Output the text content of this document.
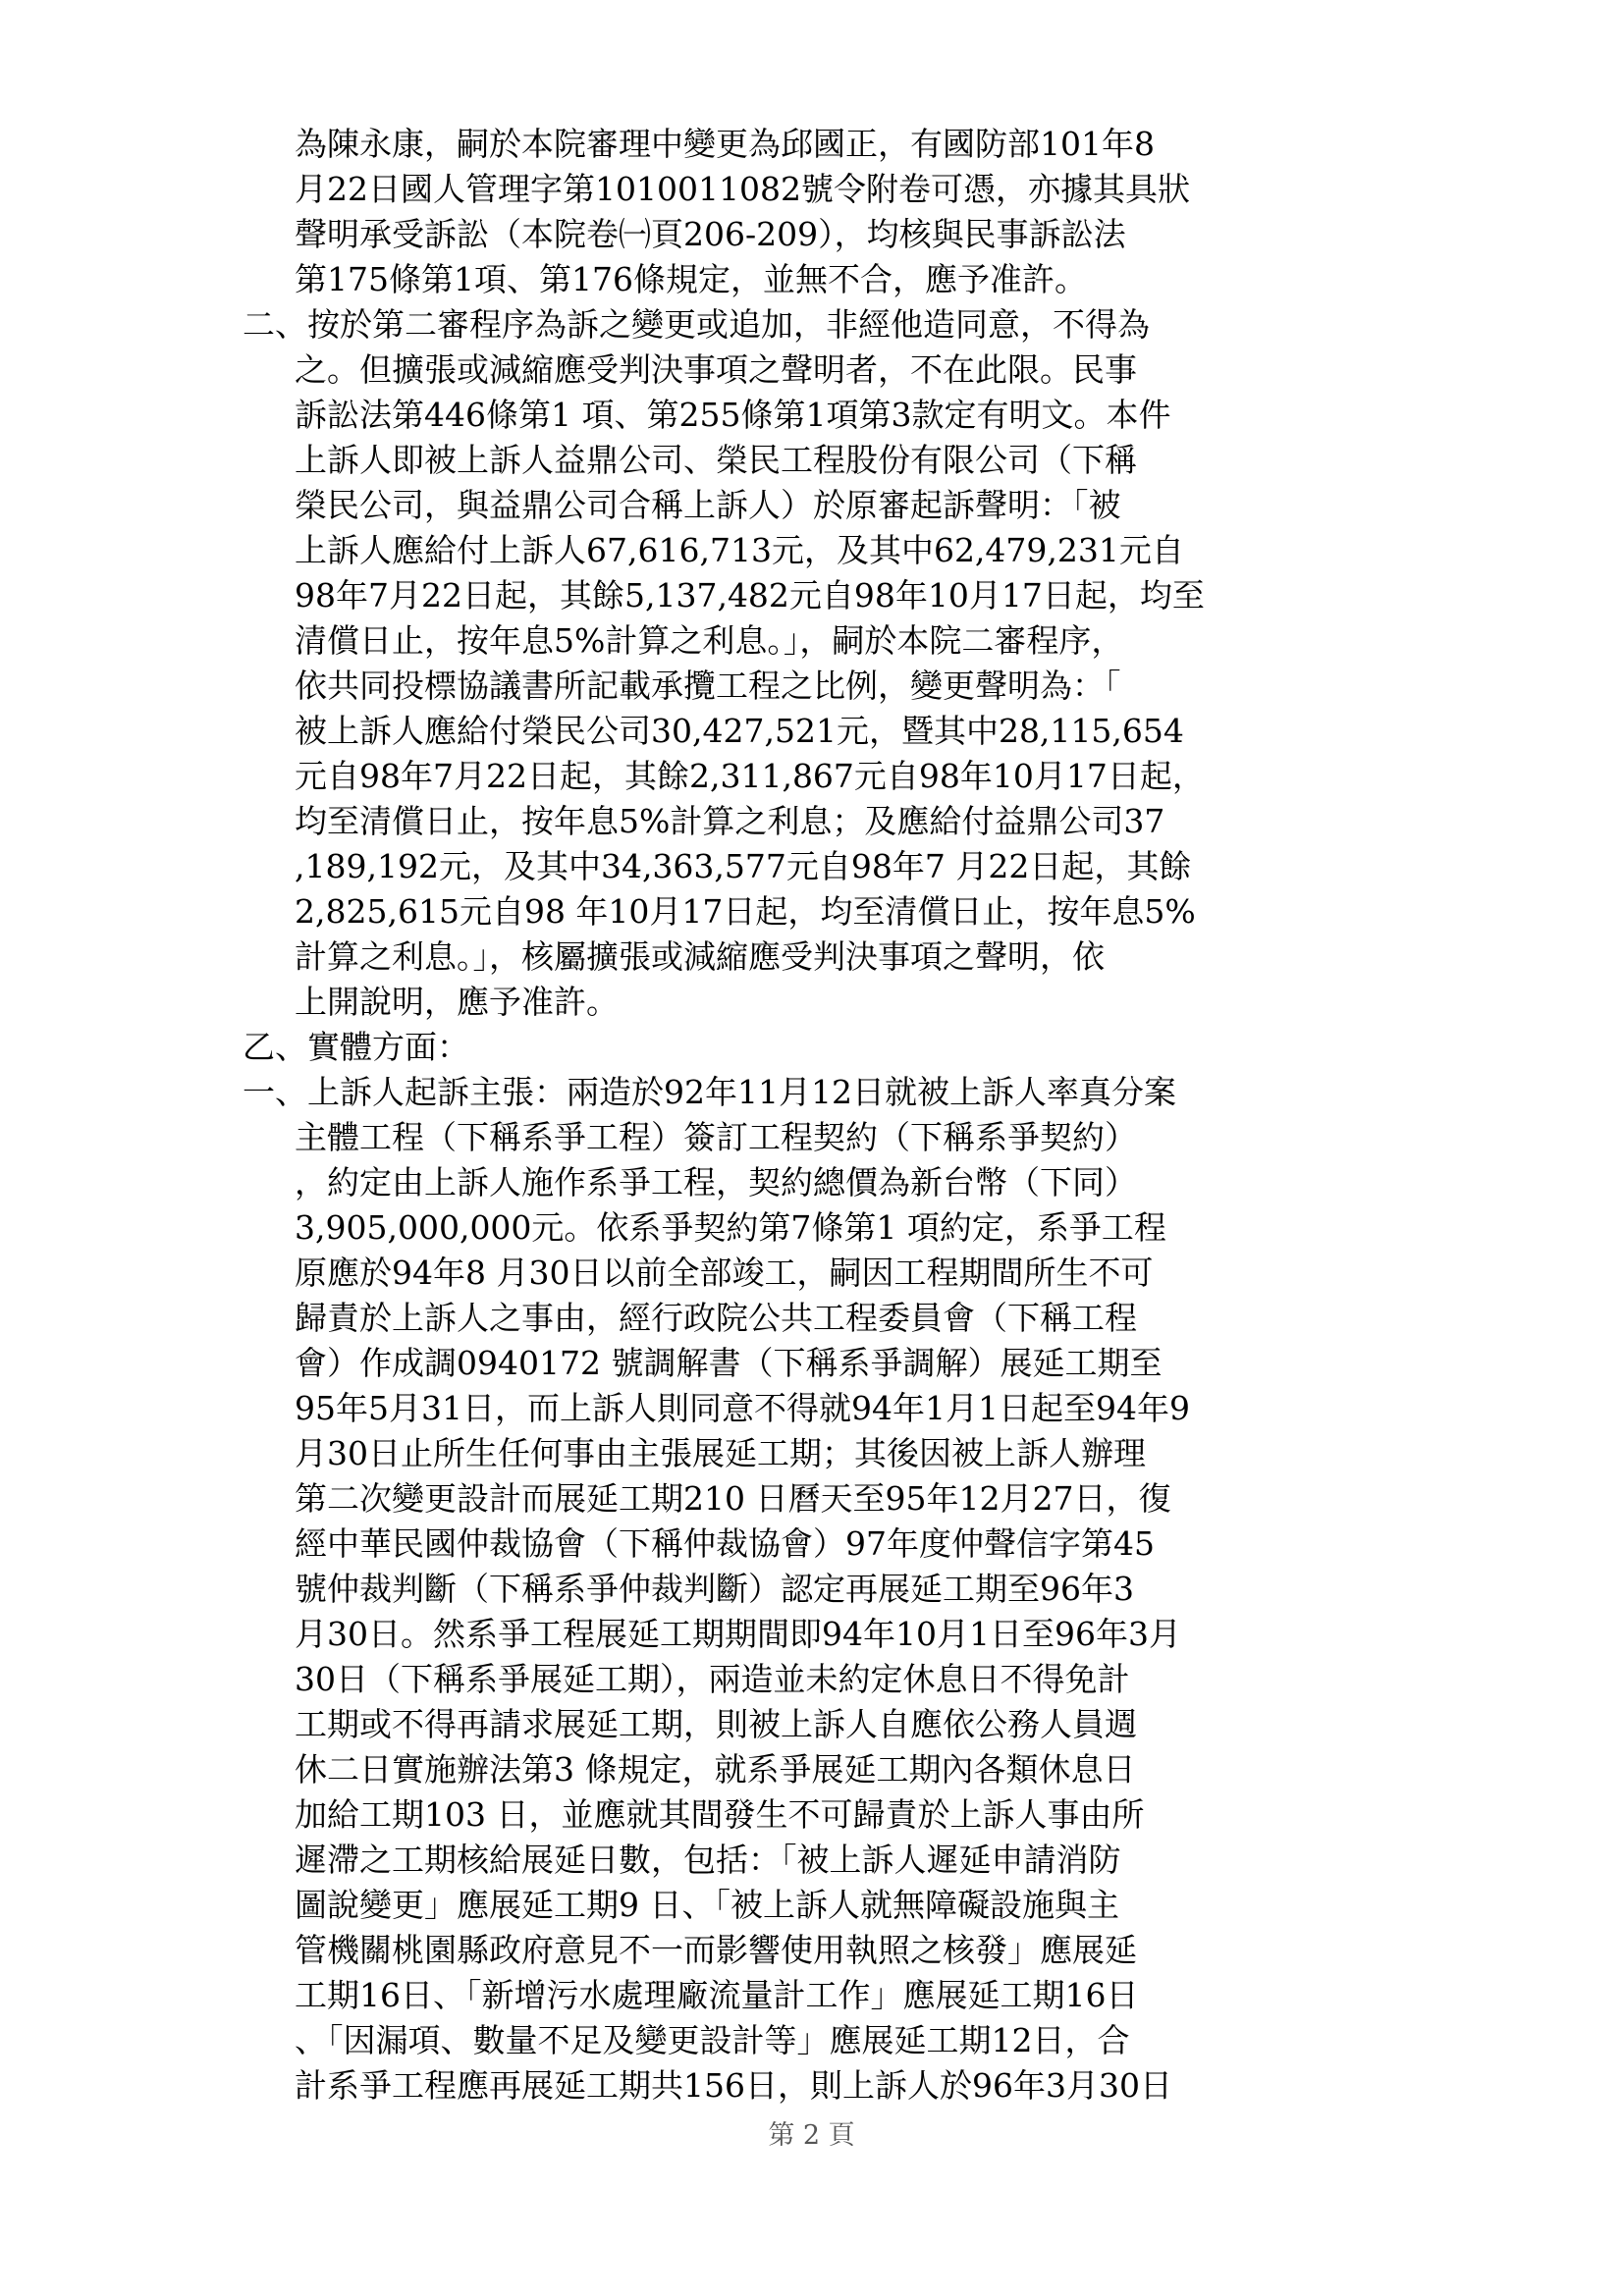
為陳永康，嗣於本院審理中變更為邱國正，有國防部101年8
月22日國人管理字第1010011082號令附卷可憑，亦據其具狀
聲明承受訴訟（本院卷㈠頁206-209），均核與民事訴訟法
第175條第1項、第176條規定，並無不合，應予准許。
二、按於第二審程序為訴之變更或追加，非經他造同意，不得為
之。但擴張或減縮應受判決事項之聲明者，不在此限。民事
訴訟法第446條第1 項、第255條第1項第3款定有明文。本件
上訴人即被上訴人益鼎公司、榮民工程股份有限公司（下稱
榮民公司，與益鼎公司合稱上訴人）於原審起訴聲明：「被
上訴人應給付上訴人67,616,713元，及其中62,479,231元自
98年7月22日起，其餘5,137,482元自98年10月17日起，均至
清償日止，按年息5%計算之利息。」，嗣於本院二審程序，
依共同投標協議書所記載承攬工程之比例，變更聲明為：「
被上訴人應給付榮民公司30,427,521元，暨其中28,115,654
元自98年7月22日起，其餘2,311,867元自98年10月17日起，
均至清償日止，按年息5%計算之利息；及應給付益鼎公司37
,189,192元，及其中34,363,577元自98年7 月22日起，其餘
2,825,615元自98 年10月17日起，均至清償日止，按年息5%
計算之利息。」，核屬擴張或減縮應受判決事項之聲明，依
上開說明，應予准許。
乙、實體方面：
一、上訴人起訴主張：兩造於92年11月12日就被上訴人率真分案
主體工程（下稱系爭工程）簽訂工程契約（下稱系爭契約）
，約定由上訴人施作系爭工程，契約總價為新台幣（下同）
3,905,000,000元。依系爭契約第7條第1 項約定，系爭工程
原應於94年8 月30日以前全部竣工，嗣因工程期間所生不可
歸責於上訴人之事由，經行政院公共工程委員會（下稱工程
會）作成調0940172 號調解書（下稱系爭調解）展延工期至
95年5月31日，而上訴人則同意不得就94年1月1日起至94年9
月30日止所生任何事由主張展延工期；其後因被上訴人辦理
第二次變更設計而展延工期210 日曆天至95年12月27日，復
經中華民國仲裁協會（下稱仲裁協會）97年度仲聲信字第45
號仲裁判斷（下稱系爭仲裁判斷）認定再展延工期至96年3
月30日。然系爭工程展延工期期間即94年10月1日至96年3月
30日（下稱系爭展延工期），兩造並未約定休息日不得免計
工期或不得再請求展延工期，則被上訴人自應依公務人員週
休二日實施辦法第3 條規定，就系爭展延工期內各類休息日
加給工期103 日，並應就其間發生不可歸責於上訴人事由所
遲滯之工期核給展延日數，包括：「被上訴人遲延申請消防
圖說變更」應展延工期9 日、「被上訴人就無障礙設施與主
管機關桃園縣政府意見不一而影響使用執照之核發」應展延
工期16日、「新增污水處理廠流量計工作」應展延工期16日
、「因漏項、數量不足及變更設計等」應展延工期12日，合
計系爭工程應再展延工期共156日，則上訴人於96年3月30日
第 2 頁
